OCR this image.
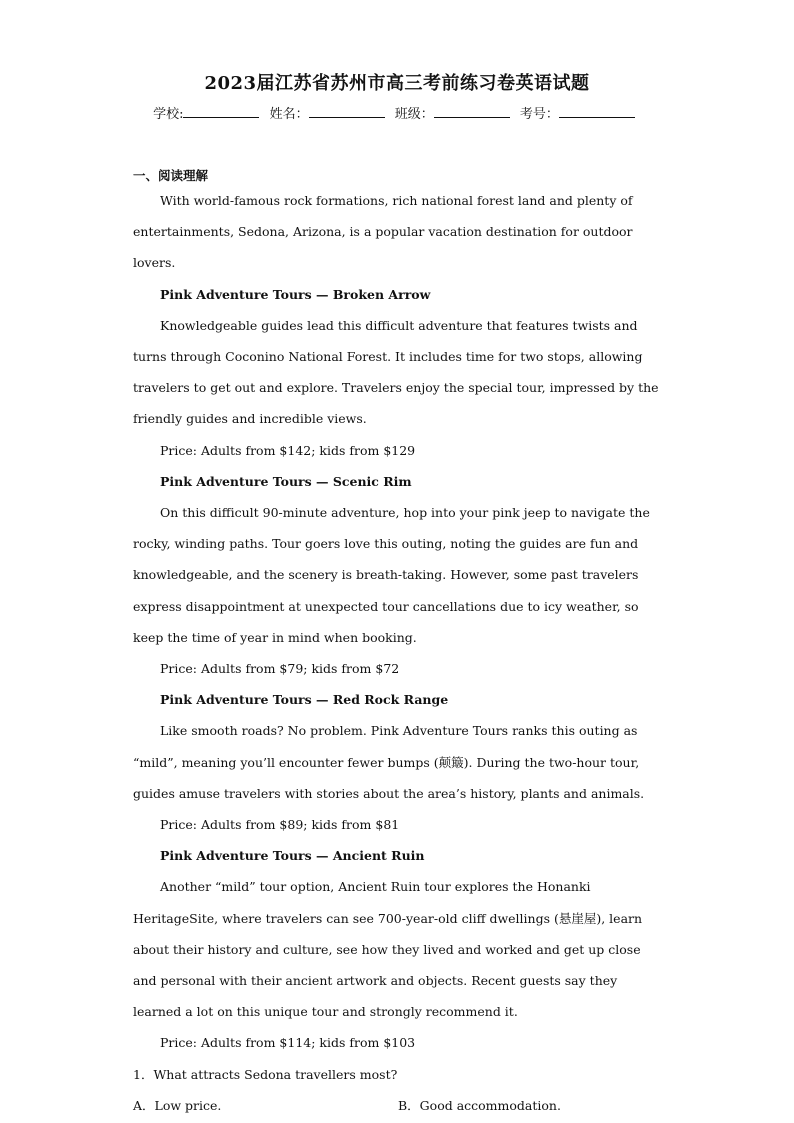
2023届江苏省苏州市高三考前练习卷英语试题
学校:	姓名：	班级：	考号：
一、阅读理解

With world-famous rock formations, rich national forest land and plenty of entertainments, Sedona, Arizona, is a popular vacation destination for outdoor lovers.

Pink Adventure Tours — Broken Arrow

Knowledgeable guides lead this difficult adventure that features twists and turns through Coconino National Forest. It includes time for two stops, allowing travelers to get out and explore. Travelers enjoy the special tour, impressed by the friendly guides and incredible views.

Price: Adults from $142; kids from $129

Pink Adventure Tours — Scenic Rim

On this difficult 90-minute adventure, hop into your pink jeep to navigate the rocky, winding paths. Tour goers love this outing, noting the guides are fun and knowledgeable, and the scenery is breath-taking. However, some past travelers express disappointment at unexpected tour cancellations due to icy weather, so keep the time of year in mind when booking.

Price: Adults from $79; kids from $72

Pink Adventure Tours — Red Rock Range

Like smooth roads? No problem. Pink Adventure Tours ranks this outing as “mild”, meaning you’ll encounter fewer bumps (颠簸). During the two-hour tour, guides amuse travelers with stories about the area’s history, plants and animals.

Price: Adults from $89; kids from $81

Pink Adventure Tours — Ancient Ruin

Another “mild” tour option, Ancient Ruin tour explores the Honanki HeritageSite, where travelers can see 700-year-old cliff dwellings (悬崖屋), learn about their history and culture, see how they lived and worked and get up close and personal with their ancient artwork and objects. Recent guests say they learned a lot on this unique tour and strongly recommend it.

Price: Adults from $114; kids from $103

1．What attracts Sedona travellers most?

A．Low price.	B．Good accommodation.
